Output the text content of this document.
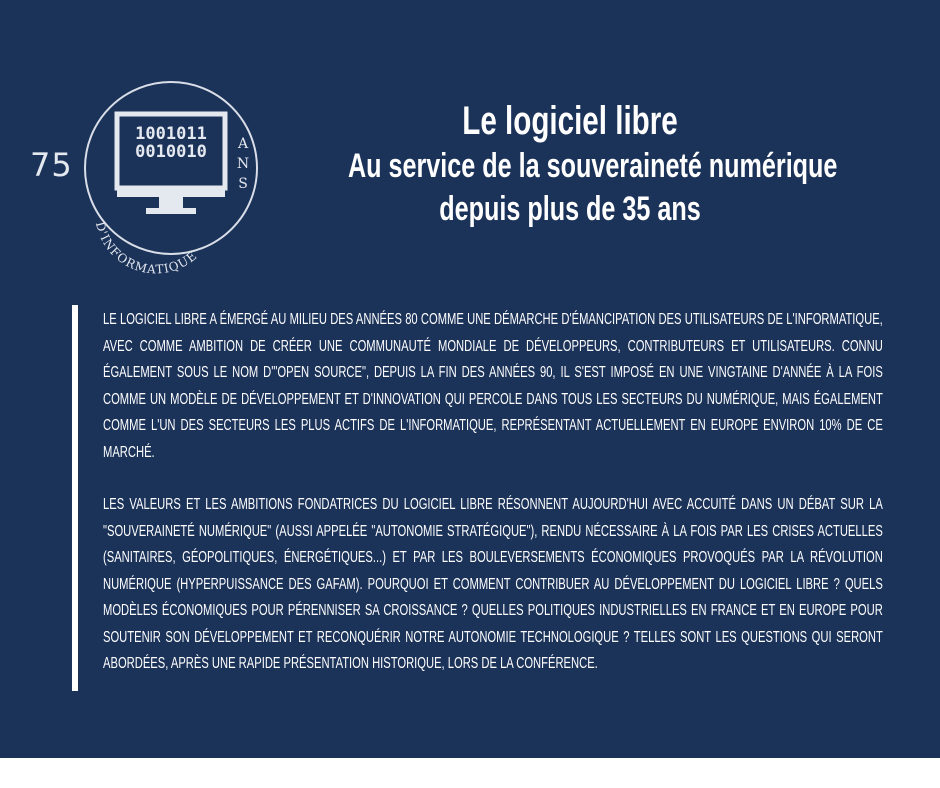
D'INFORMATIQUE
75
ANS
1001011
0010010
Le logiciel libre
Au service de la souveraineté numérique
depuis plus de 35 ans

LE LOGICIEL LIBRE A ÉMERGÉ AU MILIEU DES ANNÉES 80 COMME UNE DÉMARCHE D'ÉMANCIPATION DES UTILISATEURS DE L'INFORMATIQUE, AVEC COMME AMBITION DE CRÉER UNE COMMUNAUTÉ MONDIALE DE DÉVELOPPEURS, CONTRIBUTEURS ET UTILISATEURS. CONNU ÉGALEMENT SOUS LE NOM D'"OPEN SOURCE", DEPUIS LA FIN DES ANNÉES 90, IL S'EST IMPOSÉ EN UNE VINGTAINE D'ANNÉE À LA FOIS COMME UN MODÈLE DE DÉVELOPPEMENT ET D'INNOVATION QUI PERCOLE DANS TOUS LES SECTEURS DU NUMÉRIQUE, MAIS ÉGALEMENT COMME L'UN DES SECTEURS LES PLUS ACTIFS DE L'INFORMATIQUE, REPRÉSENTANT ACTUELLEMENT EN EUROPE ENVIRON 10% DE CE MARCHÉ.

LES VALEURS ET LES AMBITIONS FONDATRICES DU LOGICIEL LIBRE RÉSONNENT AUJOURD'HUI AVEC ACCUITÉ DANS UN DÉBAT SUR LA "SOUVERAINETÉ NUMÉRIQUE" (AUSSI APPELÉE "AUTONOMIE STRATÉGIQUE"), RENDU NÉCESSAIRE À LA FOIS PAR LES CRISES ACTUELLES (SANITAIRES, GÉOPOLITIQUES, ÉNERGÉTIQUES...) ET PAR LES BOULEVERSEMENTS ÉCONOMIQUES PROVOQUÉS PAR LA RÉVOLUTION NUMÉRIQUE (HYPERPUISSANCE DES GAFAM). POURQUOI ET COMMENT CONTRIBUER AU DÉVELOPPEMENT DU LOGICIEL LIBRE ? QUELS MODÈLES ÉCONOMIQUES POUR PÉRENNISER SA CROISSANCE ? QUELLES POLITIQUES INDUSTRIELLES EN FRANCE ET EN EUROPE POUR SOUTENIR SON DÉVELOPPEMENT ET RECONQUÉRIR NOTRE AUTONOMIE TECHNOLOGIQUE ? TELLES SONT LES QUESTIONS QUI SERONT ABORDÉES, APRÈS UNE RAPIDE PRÉSENTATION HISTORIQUE, LORS DE LA CONFÉRENCE.
